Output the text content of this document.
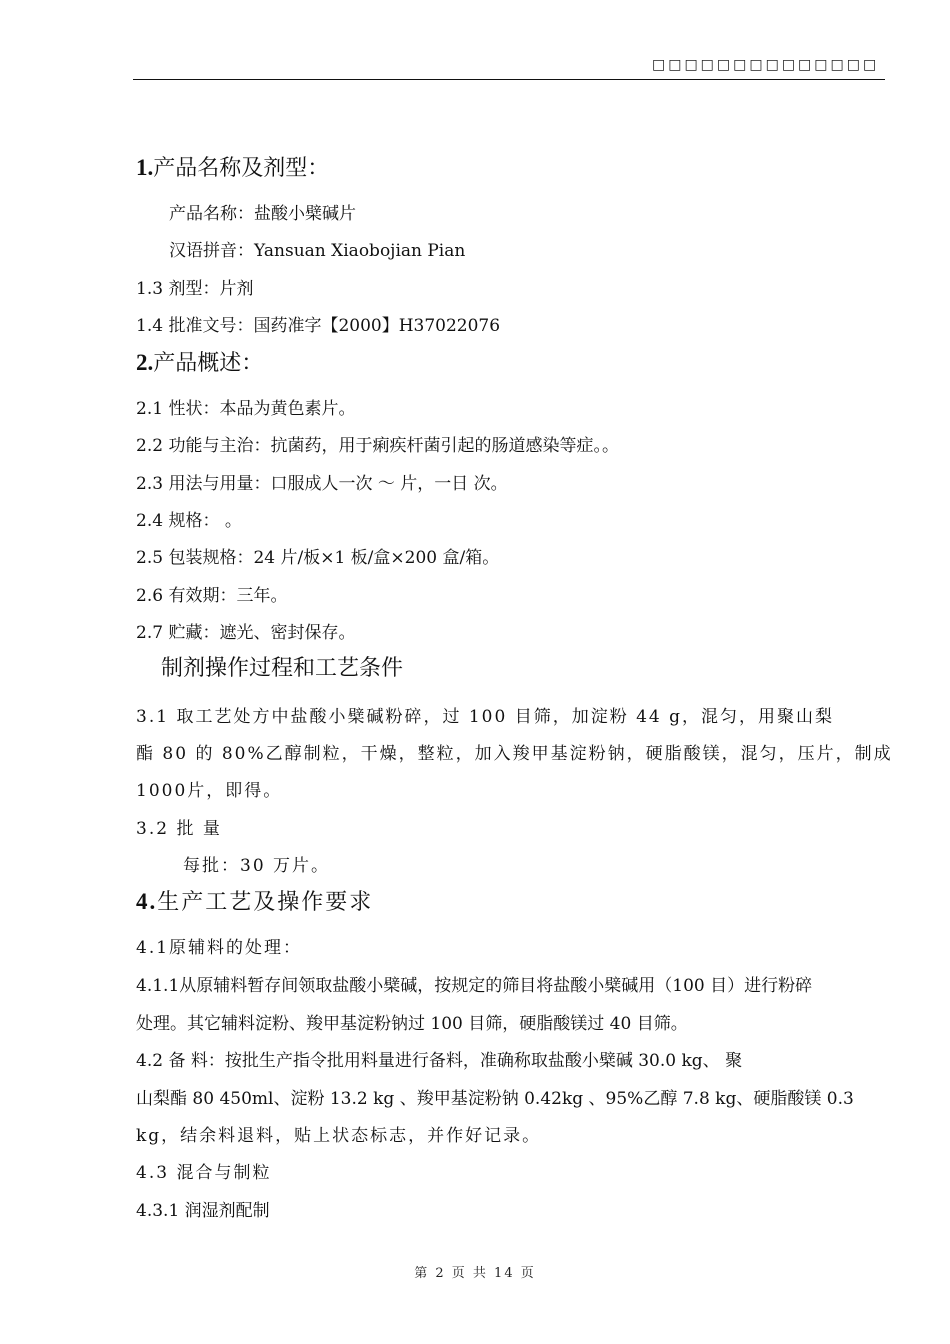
□□□□□□□□□□□□□□
1.产品名称及剂型：
产品名称：盐酸小檗碱片
汉语拼音：Yansuan Xiaobojian Pian
1.3 剂型：片剂
1.4 批准文号：国药准字【2000】H37022076
2.产品概述：
2.1 性状：本品为黄色素片。
2.2 功能与主治：抗菌药，用于痢疾杆菌引起的肠道感染等症。。
2.3 用法与用量：口服成人一次 ～ 片，一日 次。
2.4 规格： 。
2.5 包装规格：24 片/板×1 板/盒×200 盒/箱。
2.6 有效期：三年。
2.7 贮藏：遮光、密封保存。
制剂操作过程和工艺条件
3.1 取工艺处方中盐酸小檗碱粉碎，过 100 目筛，加淀粉 44 g，混匀，用聚山梨
酯 80 的 80%乙醇制粒，干燥，整粒，加入羧甲基淀粉钠，硬脂酸镁，混匀，压片，制成
1000片，即得。
3.2 批 量
每批：30 万片。
4.生产工艺及操作要求
4.1原辅料的处理：
4.1.1从原辅料暂存间领取盐酸小檗碱，按规定的筛目将盐酸小檗碱用（100 目）进行粉碎
处理。其它辅料淀粉、羧甲基淀粉钠过 100 目筛，硬脂酸镁过 40 目筛。
4.2 备 料：按批生产指令批用料量进行备料，准确称取盐酸小檗碱 30.0 kg、 聚
山梨酯 80 450ml、淀粉 13.2 kg 、羧甲基淀粉钠 0.42kg 、95%乙醇 7.8 kg、硬脂酸镁 0.3
kg，结余料退料，贴上状态标志，并作好记录。
4.3 混合与制粒
4.3.1 润湿剂配制
第 2 页 共 14 页
